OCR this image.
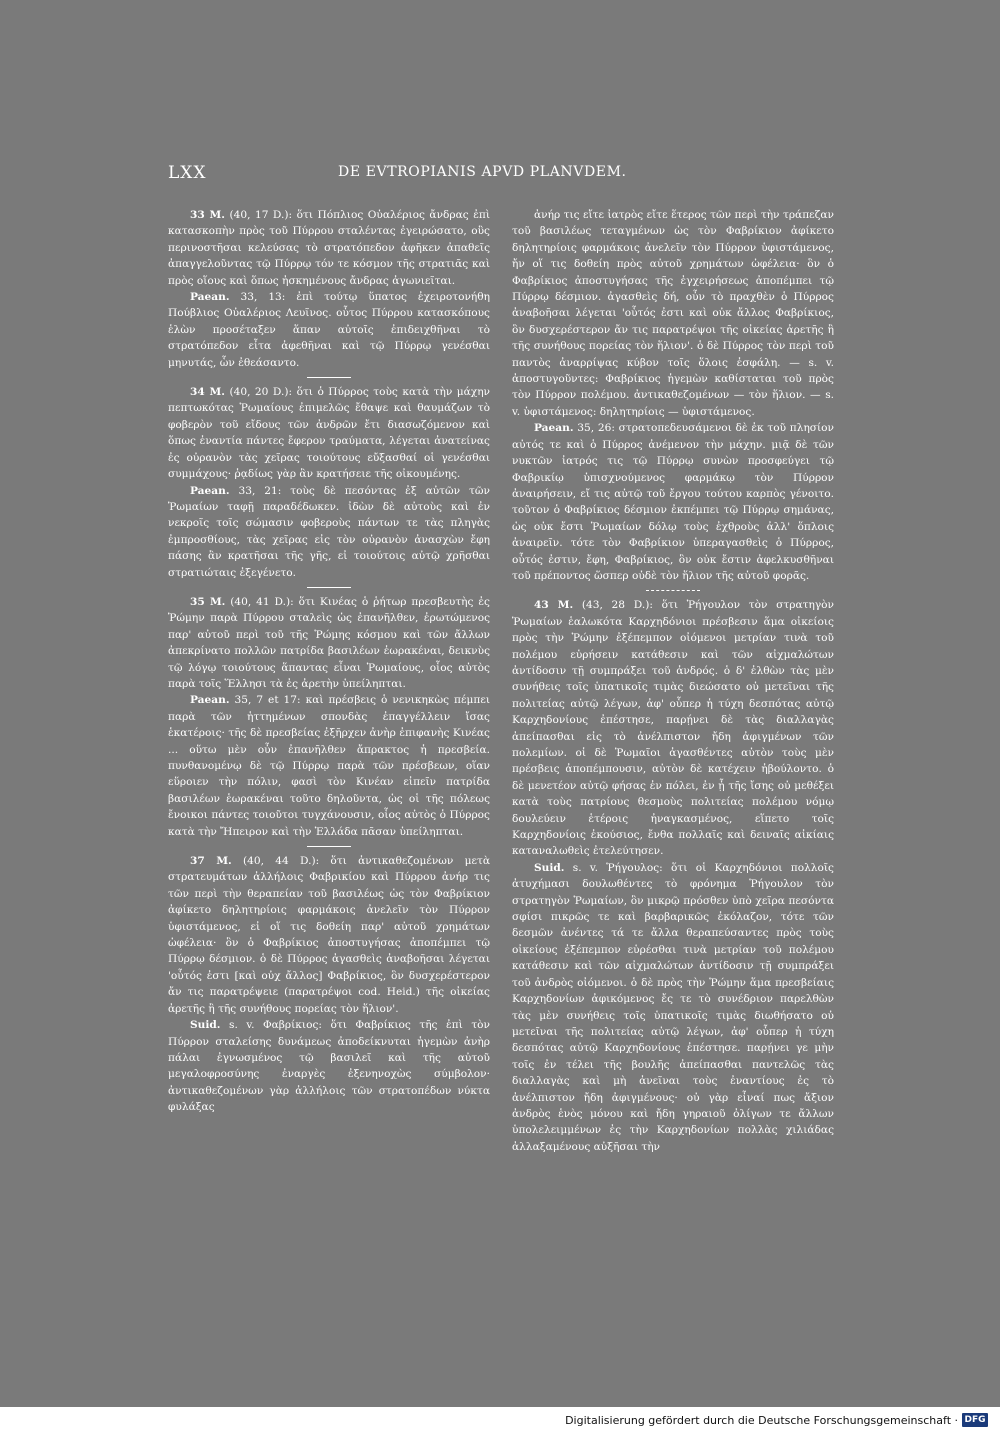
LXX	DE EVTROPIANIS APVD PLANVDEM.

33 M. (40, 17 D.): ὅτι Πόπλιος Οὐαλέριος ἄνδρας ἐπὶ κατασκοπὴν πρὸς τοῦ Πύρρου σταλέντας ἐγειρώσατο, οὓς περινοστῆσαι κελεύσας τὸ στρατόπεδον ἀφῆκεν ἀπαθεῖς ἀπαγγελοῦντας τῷ Πύρρῳ τόν τε κόσμον τῆς στρατιᾶς καὶ πρὸς οἵους καὶ ὅπως ἠσκημένους ἄνδρας ἀγωνιεῖται.

Paean. 33, 13: ἐπὶ τούτῳ ὕπατος ἐχειροτονήθη Πούβλιος Οὐαλέριος Λευῖνος. οὗτος Πύρρου κατασκόπους ἑλὼν προσέταξεν ἅπαν αὐτοῖς ἐπιδειχθῆναι τὸ στρατόπεδον εἶτα ἀφεθῆναι καὶ τῷ Πύρρῳ γενέσθαι μηνυτάς, ὧν ἐθεάσαντο.

34 M. (40, 20 D.): ὅτι ὁ Πύρρος τοὺς κατὰ τὴν μάχην πεπτωκότας Ῥωμαίους ἐπιμελῶς ἔθαψε καὶ θαυμάζων τὸ φοβερὸν τοῦ εἴδους τῶν ἀνδρῶν ἔτι διασωζόμενον καὶ ὅπως ἐναντία πάντες ἔφερον τραύματα, λέγεται ἀνατείνας ἐς οὐρανὸν τὰς χεῖρας τοιούτους εὔξασθαί οἱ γενέσθαι συμμάχους· ῥᾳδίως γὰρ ἂν κρατήσειε τῆς οἰκουμένης.

Paean. 33, 21: τοὺς δὲ πεσόντας ἐξ αὐτῶν τῶν Ῥωμαίων ταφῇ παραδέδωκεν. ἰδὼν δὲ αὐτοὺς καὶ ἐν νεκροῖς τοῖς σώμασιν φοβεροὺς πάντων τε τὰς πληγὰς ἐμπροσθίους, τὰς χεῖρας εἰς τὸν οὐρανὸν ἀνασχὼν ἔφη πάσης ἂν κρατῆσαι τῆς γῆς, εἰ τοιούτοις αὐτῷ χρῆσθαι στρατιώταις ἐξεγένετο.

35 M. (40, 41 D.): ὅτι Κινέας ὁ ῥήτωρ πρεσβευτὴς ἐς Ῥώμην παρὰ Πύρρου σταλεὶς ὡς ἐπανῆλθεν, ἐρωτώμενος παρ' αὐτοῦ περὶ τοῦ τῆς Ῥώμης κόσμου καὶ τῶν ἄλλων ἀπεκρίνατο πολλῶν πατρίδα βασιλέων ἑωρακέναι, δεικνὺς τῷ λόγῳ τοιούτους ἅπαντας εἶναι Ῥωμαίους, οἷος αὐτὸς παρὰ τοῖς Ἕλλησι τὰ ἐς ἀρετὴν ὑπείληπται.

Paean. 35, 7 et 17: καὶ πρέσβεις ὁ νενικηκὼς πέμπει παρὰ τῶν ἡττημένων σπονδὰς ἐπαγγέλλειν ἴσας ἑκατέροις· τῆς δὲ πρεσβείας ἐξῆρχεν ἀνὴρ ἐπιφανὴς Κινέας ... οὕτω μὲν οὖν ἐπανῆλθεν ἄπρακτος ἡ πρεσβεία. πυνθανομένῳ δὲ τῷ Πύρρῳ παρὰ τῶν πρέσβεων, οἵαν εὕροιεν τὴν πόλιν, φασὶ τὸν Κινέαν εἰπεῖν πατρίδα βασιλέων ἑωρακέναι τοῦτο δηλοῦντα, ὡς οἱ τῆς πόλεως ἔνοικοι πάντες τοιοῦτοι τυγχάνουσιν, οἷος αὐτὸς ὁ Πύρρος κατὰ τὴν Ἤπειρον καὶ τὴν Ἑλλάδα πᾶσαν ὑπείληπται.

37 M. (40, 44 D.): ὅτι ἀντικαθεζομένων μετὰ στρατευμάτων ἀλλήλοις Φαβρικίου καὶ Πύρρου ἀνήρ τις τῶν περὶ τὴν θεραπείαν τοῦ βασιλέως ὡς τὸν Φαβρίκιον ἀφίκετο δηλητηρίοις φαρμάκοις ἀνελεῖν τὸν Πύρρον ὑφιστάμενος, εἰ οἵ τις δοθείη παρ' αὐτοῦ χρημάτων ὠφέλεια· ὃν ὁ Φαβρίκιος ἀποστυγήσας ἀποπέμπει τῷ Πύρρῳ δέσμιον. ὁ δὲ Πύρρος ἀγασθεὶς ἀναβοῆσαι λέγεται 'οὗτός ἐστι [καὶ οὐχ ἄλλος] Φαβρίκιος, ὃν δυσχερέστερον ἄν τις παρατρέψειε (παρατρέψοι cod. Heid.) τῆς οἰκείας ἀρετῆς ἢ τῆς συνήθους πορείας τὸν ἥλιον'.

Suid. s. v. Φαβρίκιος: ὅτι Φαβρίκιος τῆς ἐπὶ τὸν Πύρρον σταλείσης δυνάμεως ἀποδείκνυται ἡγεμὼν ἀνὴρ πάλαι ἐγνωσμένος τῷ βασιλεῖ καὶ τῆς αὐτοῦ μεγαλοφροσύνης ἐναργὲς ἐξενηνοχὼς σύμβολον· ἀντικαθεζομένων γὰρ ἀλλήλοις τῶν στρατοπέδων νύκτα φυλάξας

ἀνήρ τις εἴτε ἰατρὸς εἴτε ἕτερος τῶν περὶ τὴν τράπεζαν τοῦ βασιλέως τεταγμένων ὡς τὸν Φαβρίκιον ἀφίκετο δηλητηρίοις φαρμάκοις ἀνελεῖν τὸν Πύρρον ὑφιστάμενος, ἤν οἵ τις δοθείη πρὸς αὐτοῦ χρημάτων ὠφέλεια· ὃν ὁ Φαβρίκιος ἀποστυγήσας τῆς ἐγχειρήσεως ἀποπέμπει τῷ Πύρρῳ δέσμιον. ἀγασθεὶς δή, οὖν τὸ πραχθὲν ὁ Πύρρος ἀναβοῆσαι λέγεται 'οὗτός ἐστι καὶ οὐκ ἄλλος Φαβρίκιος, ὃν δυσχερέστερον ἄν τις παρατρέψοι τῆς οἰκείας ἀρετῆς ἢ τῆς συνήθους πορείας τὸν ἥλιον'. ὁ δὲ Πύρρος τὸν περὶ τοῦ παντὸς ἀναρρίψας κύβον τοῖς ὅλοις ἐσφάλη. — s. v. ἀποστυγοῦντες: Φαβρίκιος ἡγεμὼν καθίσταται τοῦ πρὸς τὸν Πύρρον πολέμου. ἀντικαθεζομένων — τὸν ἥλιον. — s. v. ὑφιστάμενος: δηλητηρίοις — ὑφιστάμενος.

Paean. 35, 26: στρατοπεδευσάμενοι δὲ ἐκ τοῦ πλησίον αὐτός τε καὶ ὁ Πύρρος ἀνέμενον τὴν μάχην. μιᾷ δὲ τῶν νυκτῶν ἰατρός τις τῷ Πύρρῳ συνὼν προσφεύγει τῷ Φαβρικίῳ ὑπισχνούμενος φαρμάκῳ τὸν Πύρρον ἀναιρήσειν, εἴ τις αὐτῷ τοῦ ἔργου τούτου καρπὸς γένοιτο. τοῦτον ὁ Φαβρίκιος δέσμιον ἐκπέμπει τῷ Πύρρῳ σημάνας, ὡς οὐκ ἔστι Ῥωμαίων δόλῳ τοὺς ἐχθροὺς ἀλλ' ὅπλοις ἀναιρεῖν. τότε τὸν Φαβρίκιον ὑπεραγασθεὶς ὁ Πύρρος, οὗτός ἐστιν, ἔφη, Φαβρίκιος, ὃν οὐκ ἔστιν ἀφελκυσθῆναι τοῦ πρέποντος ὥσπερ οὐδὲ τὸν ἥλιον τῆς αὐτοῦ φορᾶς.

43 M. (43, 28 D.): ὅτι Ῥήγουλον τὸν στρατηγὸν Ῥωμαίων ἑαλωκότα Καρχηδόνιοι πρέσβεσιν ἅμα οἰκείοις πρὸς τὴν Ῥώμην ἐξέπεμπον οἰόμενοι μετρίαν τινὰ τοῦ πολέμου εὑρήσειν κατάθεσιν καὶ τῶν αἰχμαλώτων ἀντίδοσιν τῇ συμπράξει τοῦ ἀνδρός. ὁ δ' ἐλθὼν τὰς μὲν συνήθεις τοῖς ὑπατικοῖς τιμὰς διεώσατο οὐ μετεῖναι τῆς πολιτείας αὐτῷ λέγων, ἀφ' οὗπερ ἡ τύχη δεσπότας αὐτῷ Καρχηδονίους ἐπέστησε, παρῄνει δὲ τὰς διαλλαγὰς ἀπείπασθαι εἰς τὸ ἀνέλπιστον ἤδη ἀφιγμένων τῶν πολεμίων. οἱ δὲ Ῥωμαῖοι ἀγασθέντες αὐτὸν τοὺς μὲν πρέσβεις ἀποπέμπουσιν, αὐτὸν δὲ κατέχειν ἠβούλοντο. ὁ δὲ μενετέον αὐτῷ φήσας ἐν πόλει, ἐν ᾗ τῆς ἴσης οὐ μεθέξει κατὰ τοὺς πατρίους θεσμοὺς πολιτείας πολέμου νόμῳ δουλεύειν ἑτέροις ἠναγκασμένος, εἵπετο τοῖς Καρχηδονίοις ἐκούσιος, ἔνθα πολλαῖς καὶ δειναῖς αἰκίαις καταναλωθεὶς ἐτελεύτησεν.

Suid. s. v. Ῥήγουλος: ὅτι οἱ Καρχηδόνιοι πολλοῖς ἀτυχήμασι δουλωθέντες τὸ φρόνημα Ῥήγουλον τὸν στρατηγὸν Ῥωμαίων, ὃν μικρῷ πρόσθεν ὑπὸ χεῖρα πεσόντα σφίσι πικρῶς τε καὶ βαρβαρικῶς ἐκόλαζον, τότε τῶν δεσμῶν ἀνέντες τά τε ἄλλα θεραπεύσαντες πρὸς τοὺς οἰκείους ἐξέπεμπον εὑρέσθαι τινὰ μετρίαν τοῦ πολέμου κατάθεσιν καὶ τῶν αἰχμαλώτων ἀντίδοσιν τῇ συμπράξει τοῦ ἀνδρὸς οἰόμενοι. ὁ δὲ πρὸς τὴν Ῥώμην ἅμα πρεσβείαις Καρχηδονίων ἀφικόμενος ἔς τε τὸ συνέδριον παρελθὼν τὰς μὲν συνήθεις τοῖς ὑπατικοῖς τιμὰς διωθήσατο οὐ μετεῖναι τῆς πολιτείας αὐτῷ λέγων, ἀφ' οὗπερ ἡ τύχη δεσπότας αὐτῷ Καρχηδονίους ἐπέστησε. παρῄνει γε μὴν τοῖς ἐν τέλει τῆς βουλῆς ἀπείπασθαι παντελῶς τὰς διαλλαγὰς καὶ μὴ ἀνεῖναι τοὺς ἐναντίους ἐς τὸ ἀνέλπιστον ἤδη ἀφιγμένους· οὐ γὰρ εἶναί πως ἄξιον ἀνδρὸς ἑνὸς μόνου καὶ ἤδη γηραιοῦ ὀλίγων τε ἄλλων ὑπολελειμμένων ἐς τὴν Καρχηδονίων πολλὰς χιλιάδας ἀλλαξαμένους αὐξῆσαι τὴν

Digitalisierung gefördert durch die Deutsche Forschungsgemeinschaft · DFG
